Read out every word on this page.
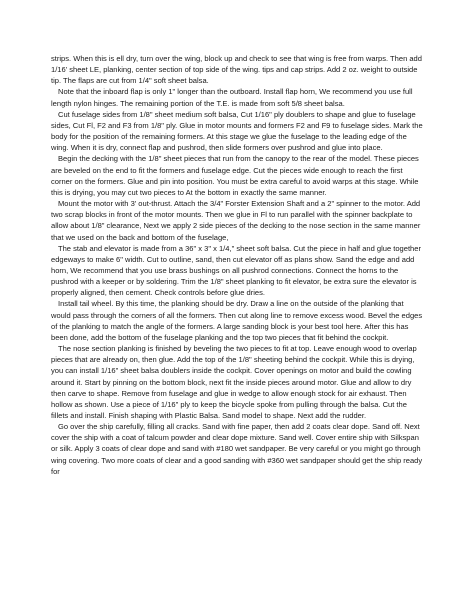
strips. When this is ell dry, turn over the wing, block up and check to see that wing is free from warps. Then add 1/16' sheet LE, planking, center section of top side of the wing. tips and cap strips. Add 2 oz. weight to outside tip. The flaps are cut from 1/4" soft sheet balsa.

Note that the inboard flap is only 1" longer than the outboard. Install flap horn, We recommend you use full length nylon hinges. The remaining portion of the T.E. is made from soft 5/8 sheet balsa.

Cut fuselage sides from 1/8" sheet medium soft balsa, Cut 1/16" ply doublers to shape and glue to fuselage sides, Cut Fl, F2 and F3 from 1/8" ply. Glue in motor mounts and formers F2 and F9 to fuselage sides. Mark the body for the position of the remaining formers. At this stage we glue the fuselage to the leading edge of the wing. When it is dry, connect flap and pushrod, then slide formers over pushrod and glue into place.

Begin the decking with the 1/8" sheet pieces that run from the canopy to the rear of the model. These pieces are beveled on the end to fit the formers and fuselage edge. Cut the pieces wide enough to reach the first corner on the formers. Glue and pin into position. You must be extra careful to avoid warps at this stage. While this is drying, you may cut two pieces to At the bottom in exactly the same manner.

Mount the motor with 3' out-thrust. Attach the 3/4" Forster Extension Shaft and a 2" spinner to the motor. Add two scrap blocks in front of the motor mounts. Then we glue in Fl to run parallel with the spinner backplate to allow about 1/8" clearance, Next we apply 2 side pieces of the decking to the nose section in the same manner that we used on the back and bottom of the fuselage,

The stab and elevator is made from a 36" x 3" x 1/4," sheet soft balsa. Cut the piece in half and glue together edgeways to make 6" width. Cut to outline, sand, then cut elevator off as plans show. Sand the edge and add horn, We recommend that you use brass bushings on all pushrod connections. Connect the horns to the pushrod with a keeper or by soldering. Trim the 1/8" sheet planking to fit elevator, be extra sure the elevator is properly aligned, then cement. Check controls before glue dries.

Install tail wheel. By this time, the planking should be dry. Draw a line on the outside of the planking that would pass through the corners of all the formers. Then cut along line to remove excess wood. Bevel the edges of the planking to match the angle of the formers. A large sanding block is your best tool here. After this has been done, add the bottom of the fuselage planking and the top two pieces that fit behind the cockpit.

The nose section planking is finished by beveling the two pieces to fit at top. Leave enough wood to overlap pieces that are already on, then glue. Add the top of the 1/8" sheeting behind the cockpit. While this is drying, you can install 1/16" sheet balsa doublers inside the cockpit. Cover openings on motor and build the cowling around it. Start by pinning on the bottom block, next fit the inside pieces around motor. Glue and allow to dry then carve to shape. Remove from fuselage and glue in wedge to allow enough stock for air exhaust. Then hollow as shown. Use a piece of 1/16" ply to keep the bicycle spoke from pulling through the balsa. Cut the fillets and install. Finish shaping with Plastic Balsa. Sand model to shape. Next add the rudder.

Go over the ship carefully, filling all cracks. Sand with fine paper, then add 2 coats clear dope. Sand off. Next cover the ship with a coat of talcum powder and clear dope mixture. Sand well. Cover entire ship with Silkspan or silk. Apply 3 coats of clear dope and sand with #180 wet sandpaper. Be very careful or you might go through wing covering. Two more coats of clear and a good sanding with #360 wet sandpaper should get the ship ready for
